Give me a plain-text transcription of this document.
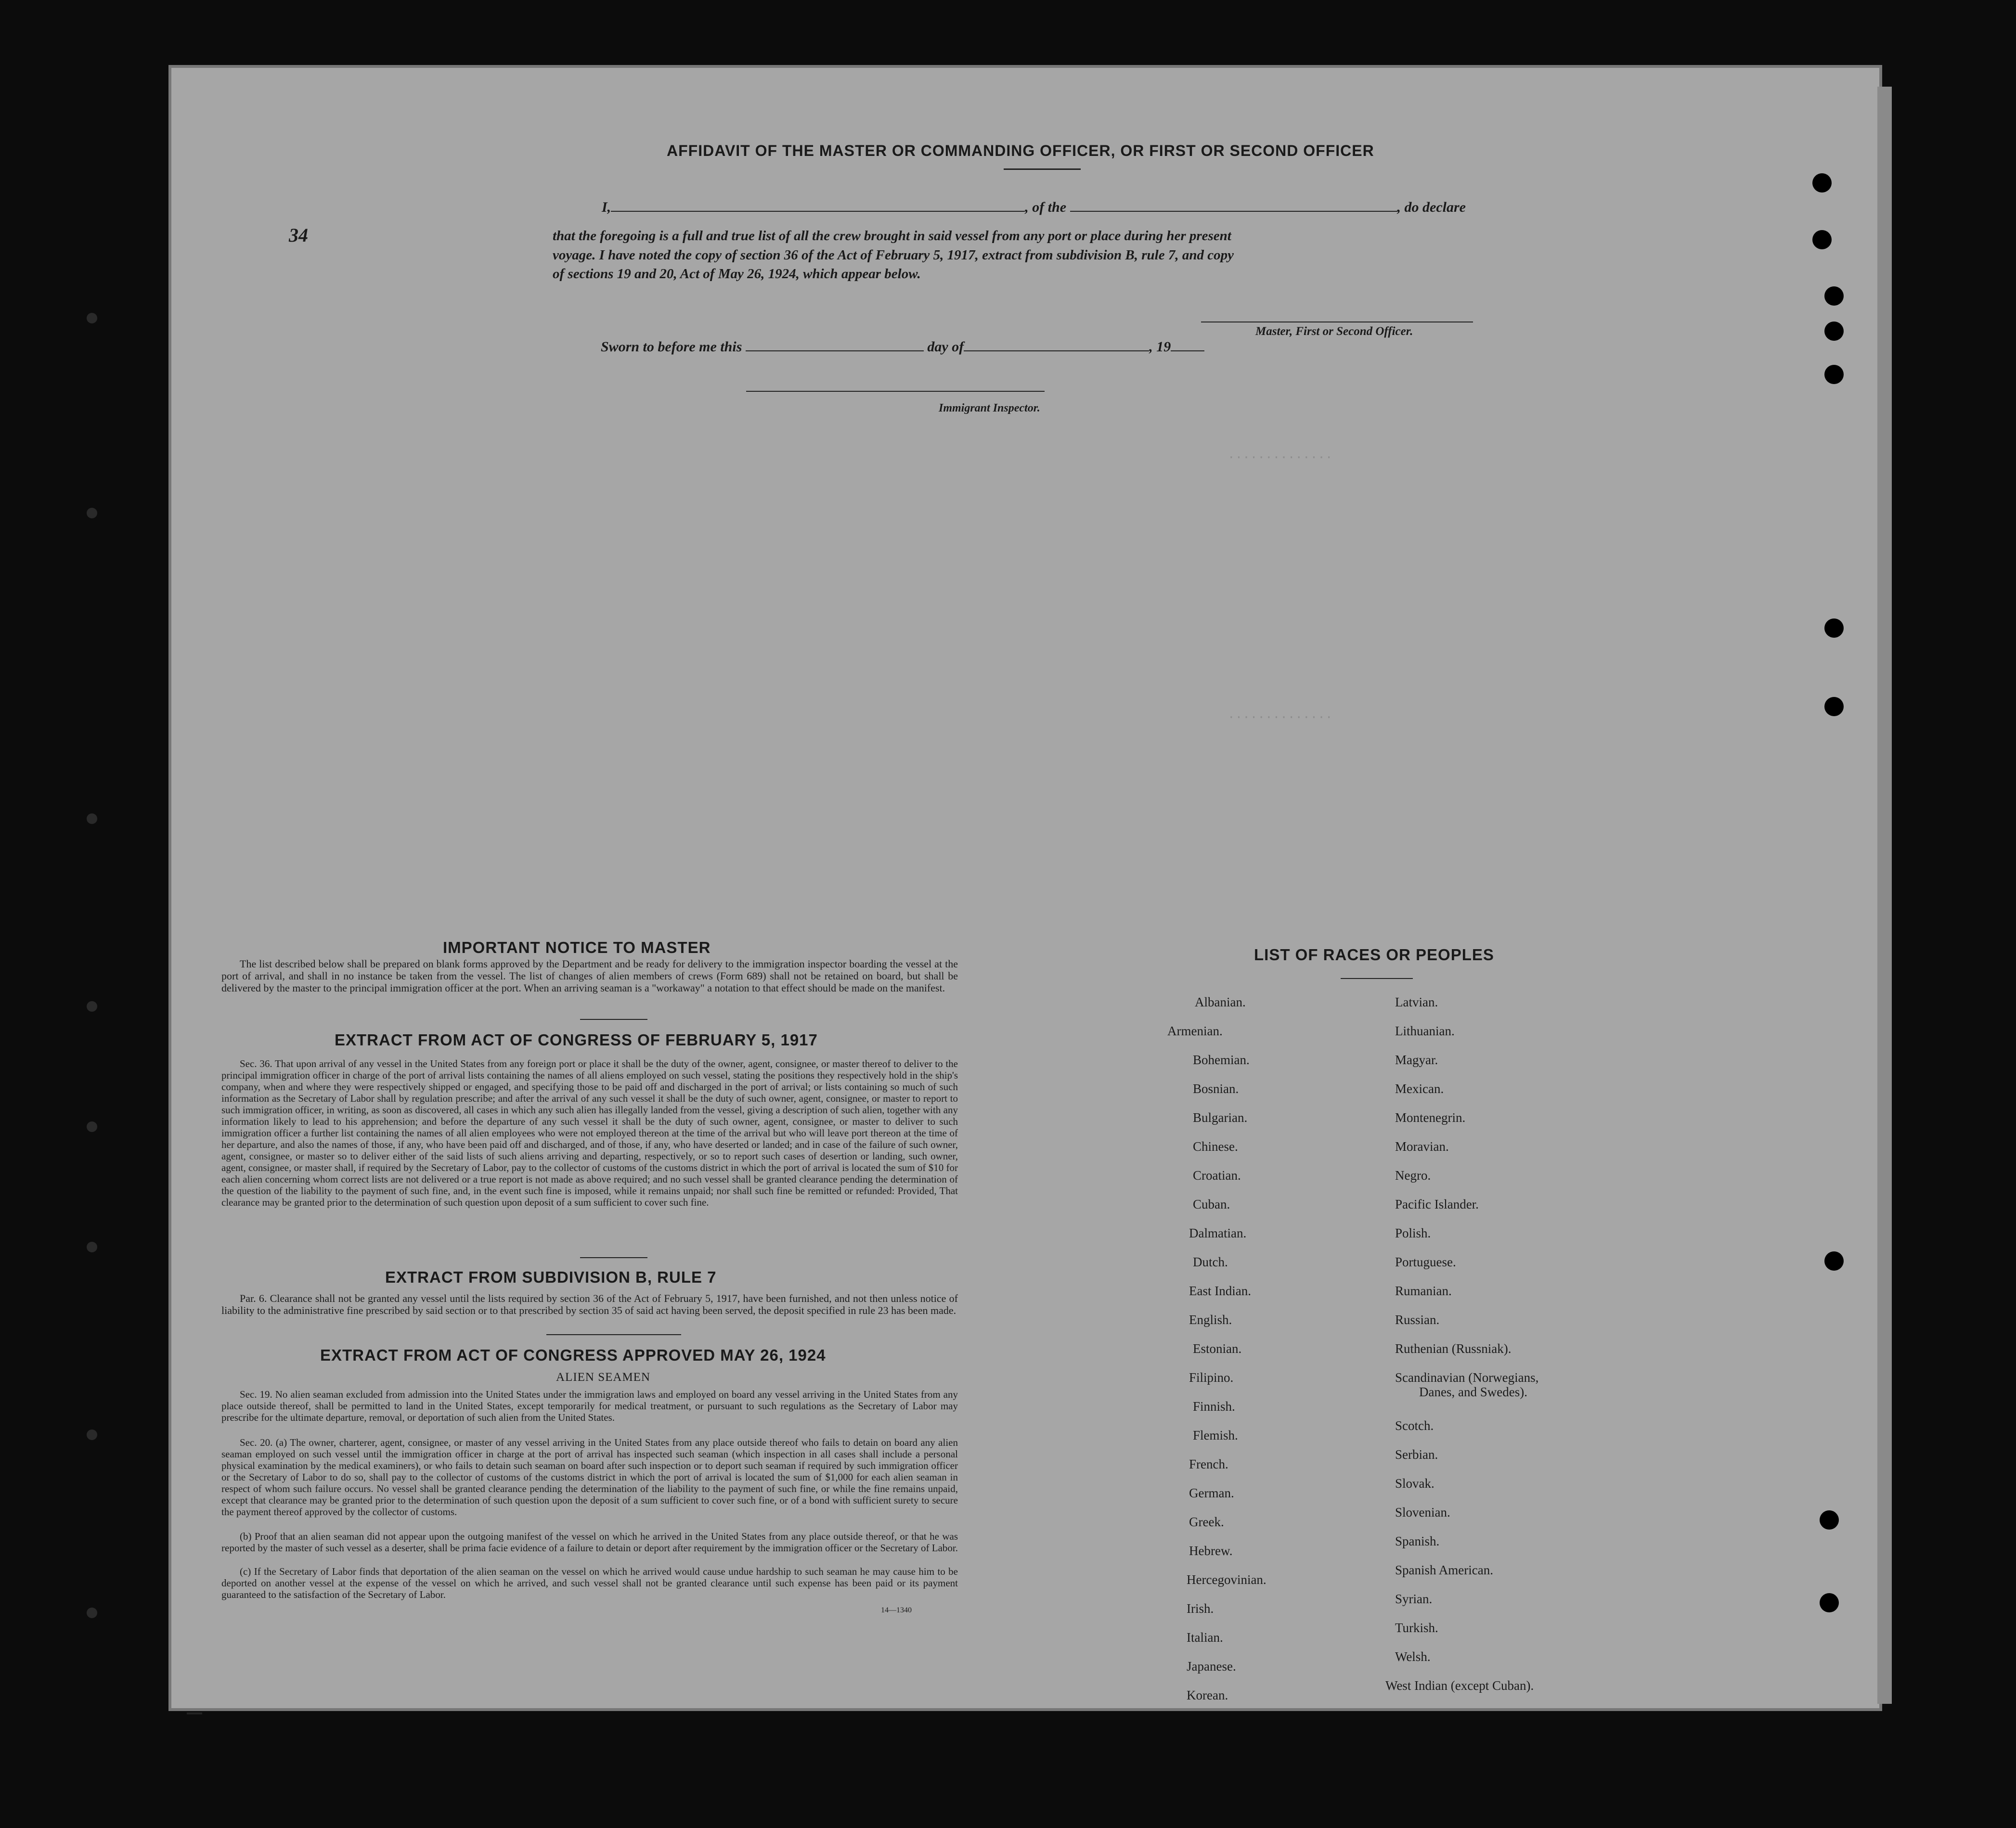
..............
..............
AFFIDAVIT OF THE MASTER OR COMMANDING OFFICER, OR FIRST OR SECOND OFFICER
I,	, of the	, do declare
that the foregoing is a full and true list of all the crew brought in said vessel from any port or place during her present
voyage. I have noted the copy of section 36 of the Act of February 5, 1917, extract from subdivision B, rule 7, and copy
of sections 19 and 20, Act of May 26, 1924, which appear below.
34
Master, First or Second Officer.
Sworn to before me this	day of	, 19
Immigrant Inspector.
IMPORTANT NOTICE TO MASTER
The list described below shall be prepared on blank forms approved by the Department and be ready for delivery to the immigration inspector boarding the vessel at the port of arrival, and shall in no instance be taken from the vessel. The list of changes of alien members of crews (Form 689) shall not be retained on board, but shall be delivered by the master to the principal immigration officer at the port. When an arriving seaman is a "workaway" a notation to that effect should be made on the manifest.
EXTRACT FROM ACT OF CONGRESS OF FEBRUARY 5, 1917
Sec. 36. That upon arrival of any vessel in the United States from any foreign port or place it shall be the duty of the owner, agent, consignee, or master thereof to deliver to the principal immigration officer in charge of the port of arrival lists containing the names of all aliens employed on such vessel, stating the positions they respectively hold in the ship's company, when and where they were respectively shipped or engaged, and specifying those to be paid off and discharged in the port of arrival; or lists containing so much of such information as the Secretary of Labor shall by regulation prescribe; and after the arrival of any such vessel it shall be the duty of such owner, agent, consignee, or master to report to such immigration officer, in writing, as soon as discovered, all cases in which any such alien has illegally landed from the vessel, giving a description of such alien, together with any information likely to lead to his apprehension; and before the departure of any such vessel it shall be the duty of such owner, agent, consignee, or master to deliver to such immigration officer a further list containing the names of all alien employees who were not employed thereon at the time of the arrival but who will leave port thereon at the time of her departure, and also the names of those, if any, who have been paid off and discharged, and of those, if any, who have deserted or landed; and in case of the failure of such owner, agent, consignee, or master so to deliver either of the said lists of such aliens arriving and departing, respectively, or so to report such cases of desertion or landing, such owner, agent, consignee, or master shall, if required by the Secretary of Labor, pay to the collector of customs of the customs district in which the port of arrival is located the sum of $10 for each alien concerning whom correct lists are not delivered or a true report is not made as above required; and no such vessel shall be granted clearance pending the determination of the question of the liability to the payment of such fine, and, in the event such fine is imposed, while it remains unpaid; nor shall such fine be remitted or refunded: Provided, That clearance may be granted prior to the determination of such question upon deposit of a sum sufficient to cover such fine.
EXTRACT FROM SUBDIVISION B, RULE 7
Par. 6. Clearance shall not be granted any vessel until the lists required by section 36 of the Act of February 5, 1917, have been furnished, and not then unless notice of liability to the administrative fine prescribed by said section or to that prescribed by section 35 of said act having been served, the deposit specified in rule 23 has been made.
EXTRACT FROM ACT OF CONGRESS APPROVED MAY 26, 1924
ALIEN SEAMEN
Sec. 19. No alien seaman excluded from admission into the United States under the immigration laws and employed on board any vessel arriving in the United States from any place outside thereof, shall be permitted to land in the United States, except temporarily for medical treatment, or pursuant to such regulations as the Secretary of Labor may prescribe for the ultimate departure, removal, or deportation of such alien from the United States.
Sec. 20. (a) The owner, charterer, agent, consignee, or master of any vessel arriving in the United States from any place outside thereof who fails to detain on board any alien seaman employed on such vessel until the immigration officer in charge at the port of arrival has inspected such seaman (which inspection in all cases shall include a personal physical examination by the medical examiners), or who fails to detain such seaman on board after such inspection or to deport such seaman if required by such immigration officer or the Secretary of Labor to do so, shall pay to the collector of customs of the customs district in which the port of arrival is located the sum of $1,000 for each alien seaman in respect of whom such failure occurs. No vessel shall be granted clearance pending the determination of the liability to the payment of such fine, or while the fine remains unpaid, except that clearance may be granted prior to the determination of such question upon the deposit of a sum sufficient to cover such fine, or of a bond with sufficient surety to secure the payment thereof approved by the collector of customs.
(b) Proof that an alien seaman did not appear upon the outgoing manifest of the vessel on which he arrived in the United States from any place outside thereof, or that he was reported by the master of such vessel as a deserter, shall be prima facie evidence of a failure to detain or deport after requirement by the immigration officer or the Secretary of Labor.
(c) If the Secretary of Labor finds that deportation of the alien seaman on the vessel on which he arrived would cause undue hardship to such seaman he may cause him to be deported on another vessel at the expense of the vessel on which he arrived, and such vessel shall not be granted clearance until such expense has been paid or its payment guaranteed to the satisfaction of the Secretary of Labor.
14—1340
LIST OF RACES OR PEOPLES
Albanian.
Armenian.
Bohemian.
Bosnian.
Bulgarian.
Chinese.
Croatian.
Cuban.
Dalmatian.
Dutch.
East Indian.
English.
Estonian.
Filipino.
Finnish.
Flemish.
French.
German.
Greek.
Hebrew.
Hercegovinian.
Irish.
Italian.
Japanese.
Korean.
Latvian.
Lithuanian.
Magyar.
Mexican.
Montenegrin.
Moravian.
Negro.
Pacific Islander.
Polish.
Portuguese.
Rumanian.
Russian.
Ruthenian (Russniak).
Scandinavian (Norwegians,
Danes, and Swedes).
Scotch.
Serbian.
Slovak.
Slovenian.
Spanish.
Spanish American.
Syrian.
Turkish.
Welsh.
West Indian (except Cuban).
